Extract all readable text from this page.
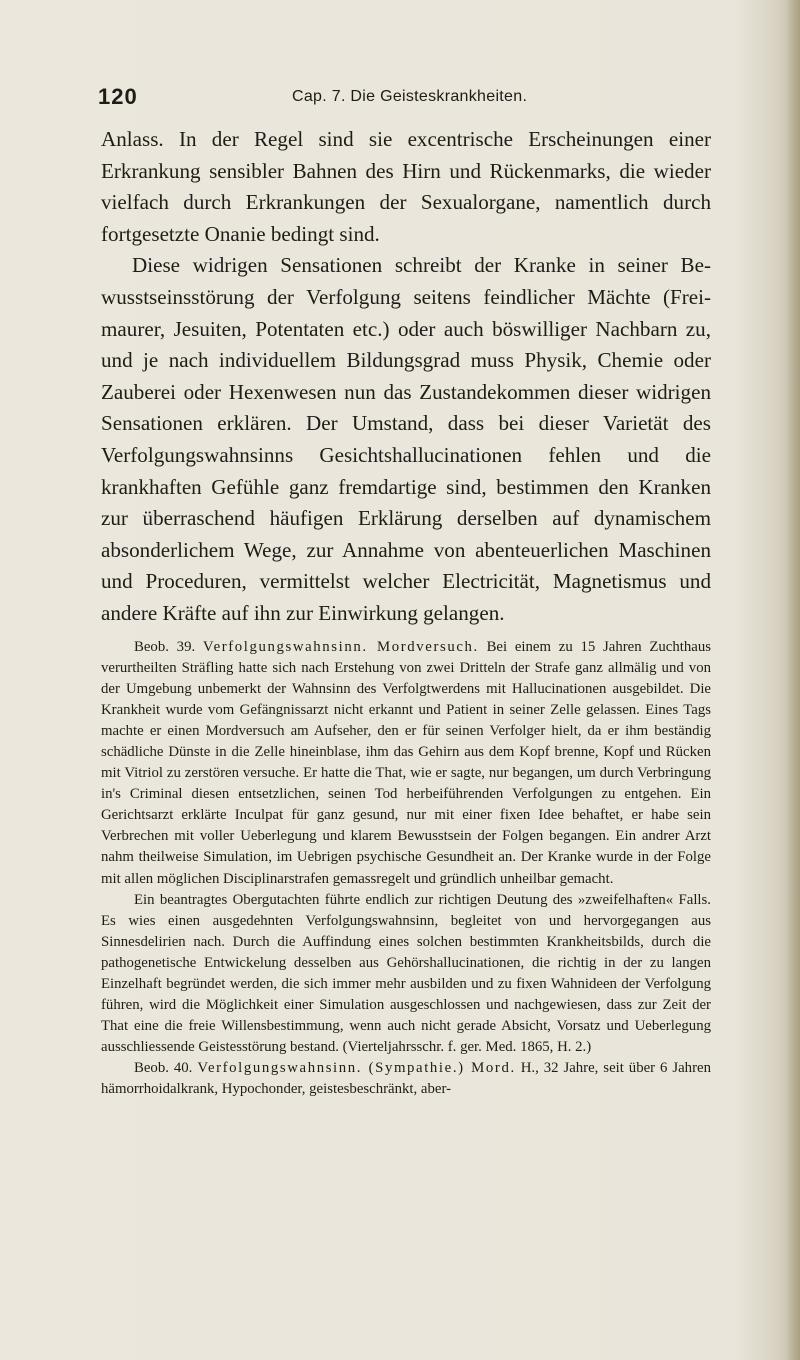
120	Cap. 7. Die Geisteskrankheiten.

Anlass. In der Regel sind sie excentrische Erscheinungen einer Erkrankung sensibler Bahnen des Hirn und Rückenmarks, die wieder vielfach durch Erkrankungen der Sexualorgane, namentlich durch fortgesetzte Onanie bedingt sind.

Diese widrigen Sensationen schreibt der Kranke in seiner Bewusstseinsstörung der Verfolgung seitens feindlicher Mächte (Freimaurer, Jesuiten, Potentaten etc.) oder auch böswilliger Nachbarn zu, und je nach individuellem Bildungsgrad muss Physik, Chemie oder Zauberei oder Hexenwesen nun das Zustandekommen dieser widrigen Sensationen erklären. Der Umstand, dass bei dieser Varietät des Verfolgungswahnsinns Gesichtshallucinationen fehlen und die krankhaften Gefühle ganz fremdartige sind, bestimmen den Kranken zur überraschend häufigen Erklärung derselben auf dynamischem absonderlichem Wege, zur Annahme von abenteuerlichen Maschinen und Proceduren, vermittelst welcher Electricität, Magnetismus und andere Kräfte auf ihn zur Einwirkung gelangen.

Beob. 39. Verfolgungswahnsinn. Mordversuch. Bei einem zu 15 Jahren Zuchthaus verurtheilten Sträfling hatte sich nach Erstehung von zwei Dritteln der Strafe ganz allmälig und von der Umgebung unbemerkt der Wahnsinn des Verfolgtwerdens mit Hallucinationen ausgebildet. Die Krankheit wurde vom Gefängnissarzt nicht erkannt und Patient in seiner Zelle gelassen. Eines Tags machte er einen Mordversuch am Aufseher, den er für seinen Verfolger hielt, da er ihm beständig schädliche Dünste in die Zelle hineinblase, ihm das Gehirn aus dem Kopf brenne, Kopf und Rücken mit Vitriol zu zerstören versuche. Er hatte die That, wie er sagte, nur begangen, um durch Verbringung in's Criminal diesen entsetzlichen, seinen Tod herbeiführenden Verfolgungen zu entgehen. Ein Gerichtsarzt erklärte Inculpat für ganz gesund, nur mit einer fixen Idee behaftet, er habe sein Verbrechen mit voller Ueberlegung und klarem Bewusstsein der Folgen begangen. Ein andrer Arzt nahm theilweise Simulation, im Uebrigen psychische Gesundheit an. Der Kranke wurde in der Folge mit allen möglichen Disciplinarstrafen gemassregelt und gründlich unheilbar gemacht.

Ein beantragtes Obergutachten führte endlich zur richtigen Deutung des »zweifelhaften« Falls. Es wies einen ausgedehnten Verfolgungswahnsinn, begleitet von und hervorgegangen aus Sinnesdelirien nach. Durch die Auffindung eines solchen bestimmten Krankheitsbilds, durch die pathogenetische Entwickelung desselben aus Gehörshallucinationen, die richtig in der zu langen Einzelhaft begründet werden, die sich immer mehr ausbilden und zu fixen Wahnideen der Verfolgung führen, wird die Möglichkeit einer Simulation ausgeschlossen und nachgewiesen, dass zur Zeit der That eine die freie Willensbestimmung, wenn auch nicht gerade Absicht, Vorsatz und Ueberlegung ausschliessende Geistesstörung bestand. (Vierteljahrsschr. f. ger. Med. 1865, H. 2.)

Beob. 40. Verfolgungswahnsinn. (Sympathie.) Mord. H., 32 Jahre, seit über 6 Jahren hämorrhoidalkrank, Hypochonder, geistesbeschränkt, aber-
